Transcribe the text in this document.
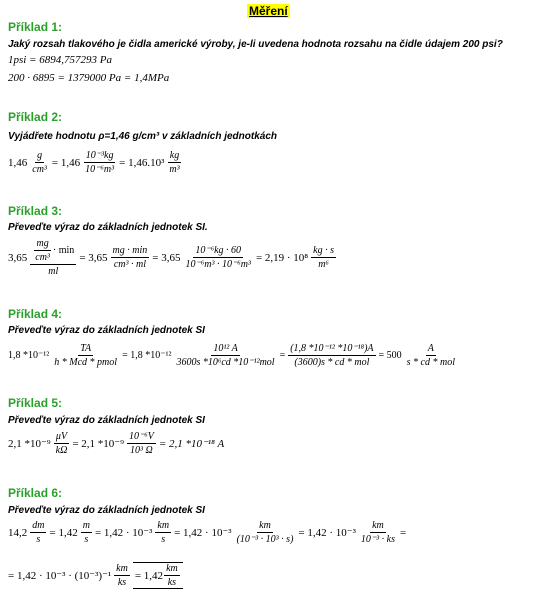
Měření
Příklad 1:
Jaký rozsah tlakového je čidla americké výroby, je-li uvedena hodnota rozsahu na čidle údajem 200 psi?
1psi = 6894,757293 Pa
200 · 6895 = 1379000 Pa = 1,4MPa
Příklad 2:
Vyjádřete hodnotu ρ=1,46 g/cm³ v základních jednotkách
$1,46 \frac{g}{\text{cm³}} = 1,46 \frac{\text{10⁻³kg}}{\text{10⁻⁶m³}} = 1,46.10^3 \frac{kg}{\text{m³}}$
Příklad 3:
Převeďte výraz do základních jednotek SI.
$3,65 \frac{\frac{mg}{\text{cm³}} \cdot \min}{ml} = 3,65 \frac{mg \cdot \min}{\text{cm³ · ml}} = 3,65 \frac{\text{10⁻⁶kg · 60}}{\text{10⁻⁶m³ · 10⁻⁶m³}} = 2,19 \cdot 10^8 \frac{kg \cdot s}{\text{m⁶}}$
Příklad 4:
Převeďte výraz do základních jednotek SI
1,8 $*10^{-12} \frac{TA}{\text{h * Mcd * pmol}} = 1,8$ $*10^{-12} \frac{\text{10¹² A}}{\text{3600s *10⁶cd *10⁻¹²mol}} = \frac{\text{(1,8 *10⁻¹² *10⁻¹⁸)A}}{\text{(3600)s * cd * mol}} = 500 \frac{A}{\text{s * cd * mol}}$
Příklad 5:
Převeďte výraz do základních jednotek SI
2,1 $*10^{-9} \frac{\mu V}{k\Omega} = 2,1$ $*10^{-9} \frac{\text{10⁻⁶V}}{\text{10³ Ω}} = 2,1$ *10⁻¹⁸ A
Příklad 6:
Převeďte výraz do základních jednotek SI
$14,2 \frac{dm}{s} = 1,42 \frac{m}{s} = 1,42 \cdot 10^{-3} \frac{km}{s} = 1,42 \cdot 10^{-3} \frac{km}{\text{(10⁻³ · 10³ · s)}} = 1,42 \cdot 10^{-3} \frac{km}{\text{10⁻³ · ks}}$ =
= $1,42 \cdot 10^{-3} \cdot (10^{-3})^{-1} \frac{km}{ks} = 1,42 \frac{km}{ks}$
